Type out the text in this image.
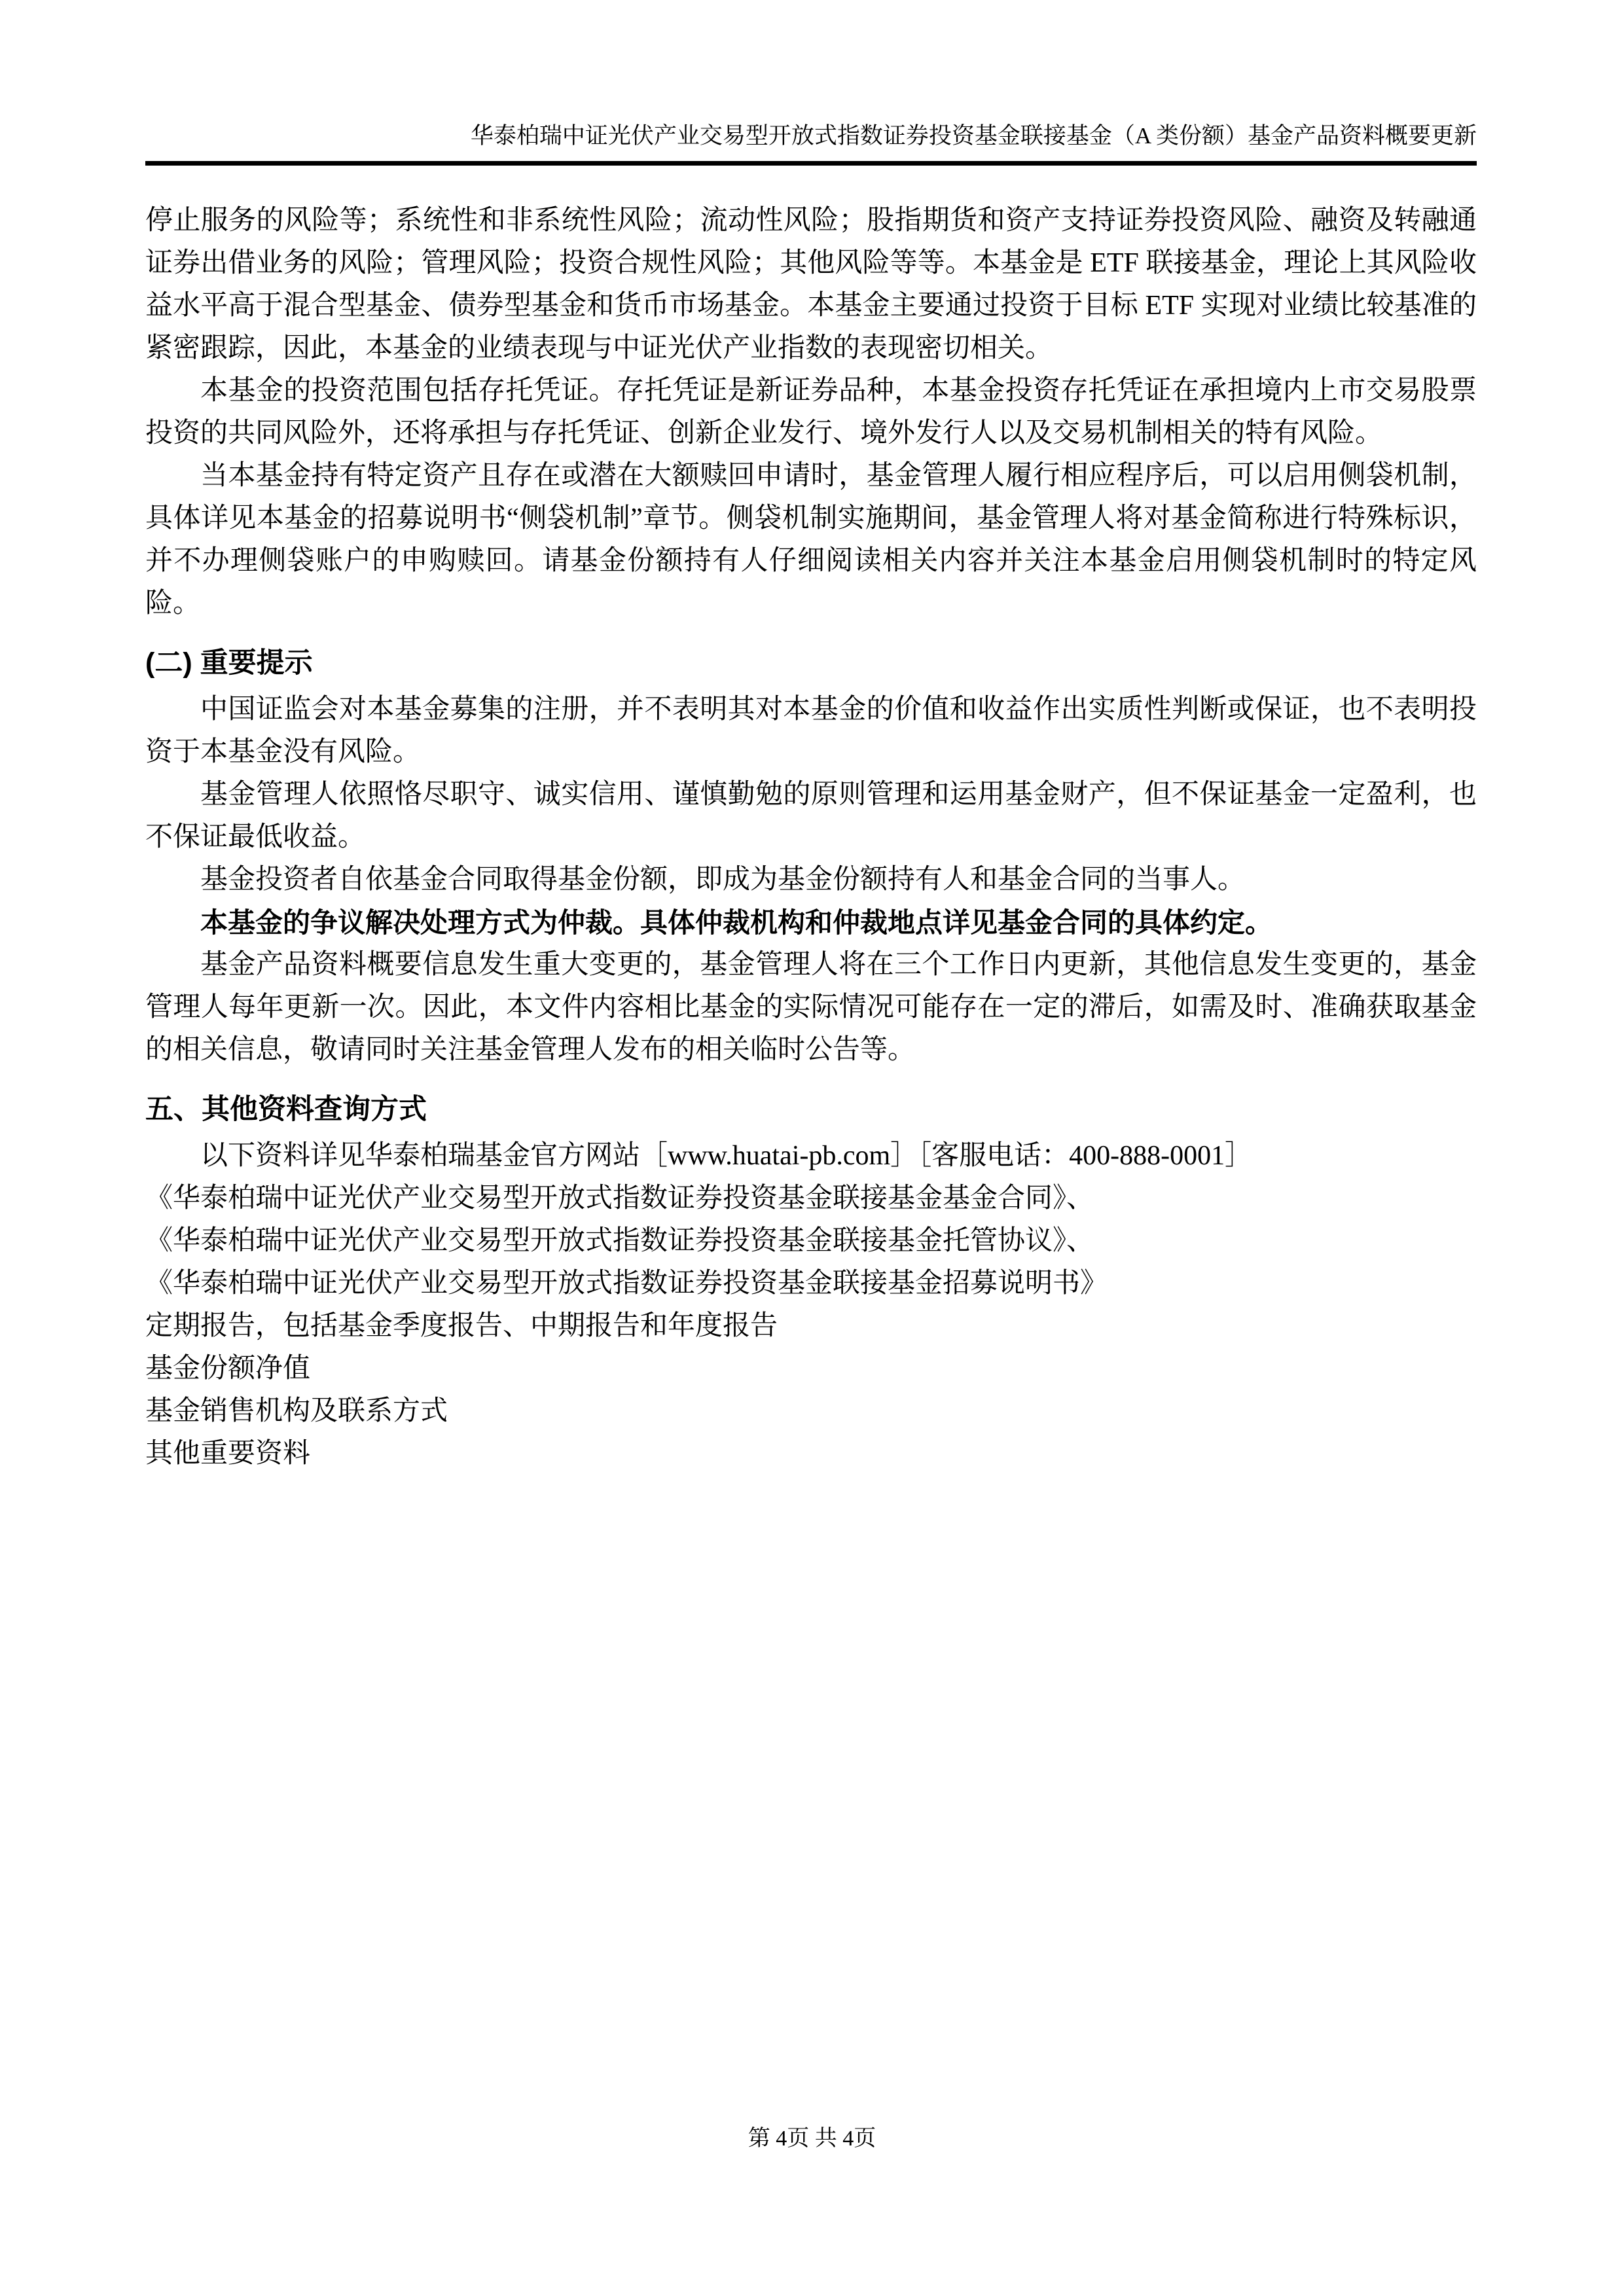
华泰柏瑞中证光伏产业交易型开放式指数证券投资基金联接基金（A 类份额）基金产品资料概要更新

停止服务的风险等；系统性和非系统性风险；流动性风险；股指期货和资产支持证券投资风险、融资及转融通证券出借业务的风险；管理风险；投资合规性风险；其他风险等等。本基金是 ETF 联接基金，理论上其风险收益水平高于混合型基金、债券型基金和货币市场基金。本基金主要通过投资于目标 ETF 实现对业绩比较基准的紧密跟踪，因此，本基金的业绩表现与中证光伏产业指数的表现密切相关。

本基金的投资范围包括存托凭证。存托凭证是新证券品种，本基金投资存托凭证在承担境内上市交易股票投资的共同风险外，还将承担与存托凭证、创新企业发行、境外发行人以及交易机制相关的特有风险。

当本基金持有特定资产且存在或潜在大额赎回申请时，基金管理人履行相应程序后，可以启用侧袋机制，具体详见本基金的招募说明书“侧袋机制”章节。侧袋机制实施期间，基金管理人将对基金简称进行特殊标识，并不办理侧袋账户的申购赎回。请基金份额持有人仔细阅读相关内容并关注本基金启用侧袋机制时的特定风险。

(二) 重要提示

中国证监会对本基金募集的注册，并不表明其对本基金的价值和收益作出实质性判断或保证，也不表明投资于本基金没有风险。

基金管理人依照恪尽职守、诚实信用、谨慎勤勉的原则管理和运用基金财产，但不保证基金一定盈利，也不保证最低收益。

基金投资者自依基金合同取得基金份额，即成为基金份额持有人和基金合同的当事人。

本基金的争议解决处理方式为仲裁。具体仲裁机构和仲裁地点详见基金合同的具体约定。

基金产品资料概要信息发生重大变更的，基金管理人将在三个工作日内更新，其他信息发生变更的，基金管理人每年更新一次。因此，本文件内容相比基金的实际情况可能存在一定的滞后，如需及时、准确获取基金的相关信息，敬请同时关注基金管理人发布的相关临时公告等。

五、其他资料查询方式

以下资料详见华泰柏瑞基金官方网站［www.huatai-pb.com］［客服电话：400-888-0001］

《华泰柏瑞中证光伏产业交易型开放式指数证券投资基金联接基金基金合同》、

《华泰柏瑞中证光伏产业交易型开放式指数证券投资基金联接基金托管协议》、

《华泰柏瑞中证光伏产业交易型开放式指数证券投资基金联接基金招募说明书》

定期报告，包括基金季度报告、中期报告和年度报告

基金份额净值

基金销售机构及联系方式

其他重要资料

第 4页 共 4页
